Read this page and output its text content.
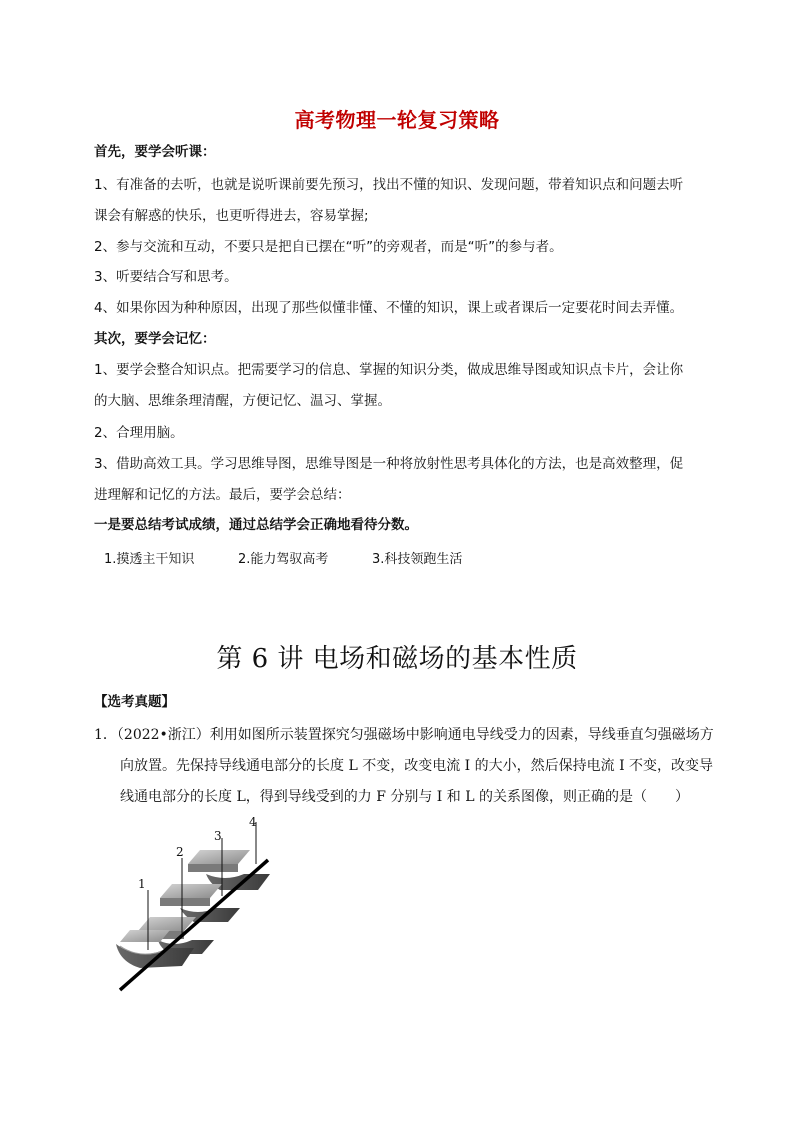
高考物理一轮复习策略
首先，要学会听课：
1、有准备的去听，也就是说听课前要先预习，找出不懂的知识、发现问题，带着知识点和问题去听
课会有解惑的快乐，也更听得进去，容易掌握;
2、参与交流和互动，不要只是把自已摆在“听”的旁观者，而是“听”的参与者。
3、听要结合写和思考。
4、如果你因为种种原因，出现了那些似懂非懂、不懂的知识，课上或者课后一定要花时间去弄懂。
其次，要学会记忆：
1、要学会整合知识点。把需要学习的信息、掌握的知识分类，做成思维导图或知识点卡片，会让你
的大脑、思维条理清醒，方便记忆、温习、掌握。
2、合理用脑。
3、借助高效工具。学习思维导图，思维导图是一种将放射性思考具体化的方法，也是高效整理，促
进理解和记忆的方法。最后，要学会总结：
一是要总结考试成绩，通过总结学会正确地看待分数。
1.摸透主干知识	2.能力驾驭高考	3.科技领跑生活
第 6 讲 电场和磁场的基本性质
【选考真题】
1．（2022•浙江）利用如图所示装置探究匀强磁场中影响通电导线受力的因素，导线垂直匀强磁场方
向放置。先保持导线通电部分的长度 L 不变，改变电流 I 的大小，然后保持电流 I 不变，改变导
线通电部分的长度 L，得到导线受到的力 F 分别与 I 和 L 的关系图像，则正确的是（　　）
1
2
3
4
